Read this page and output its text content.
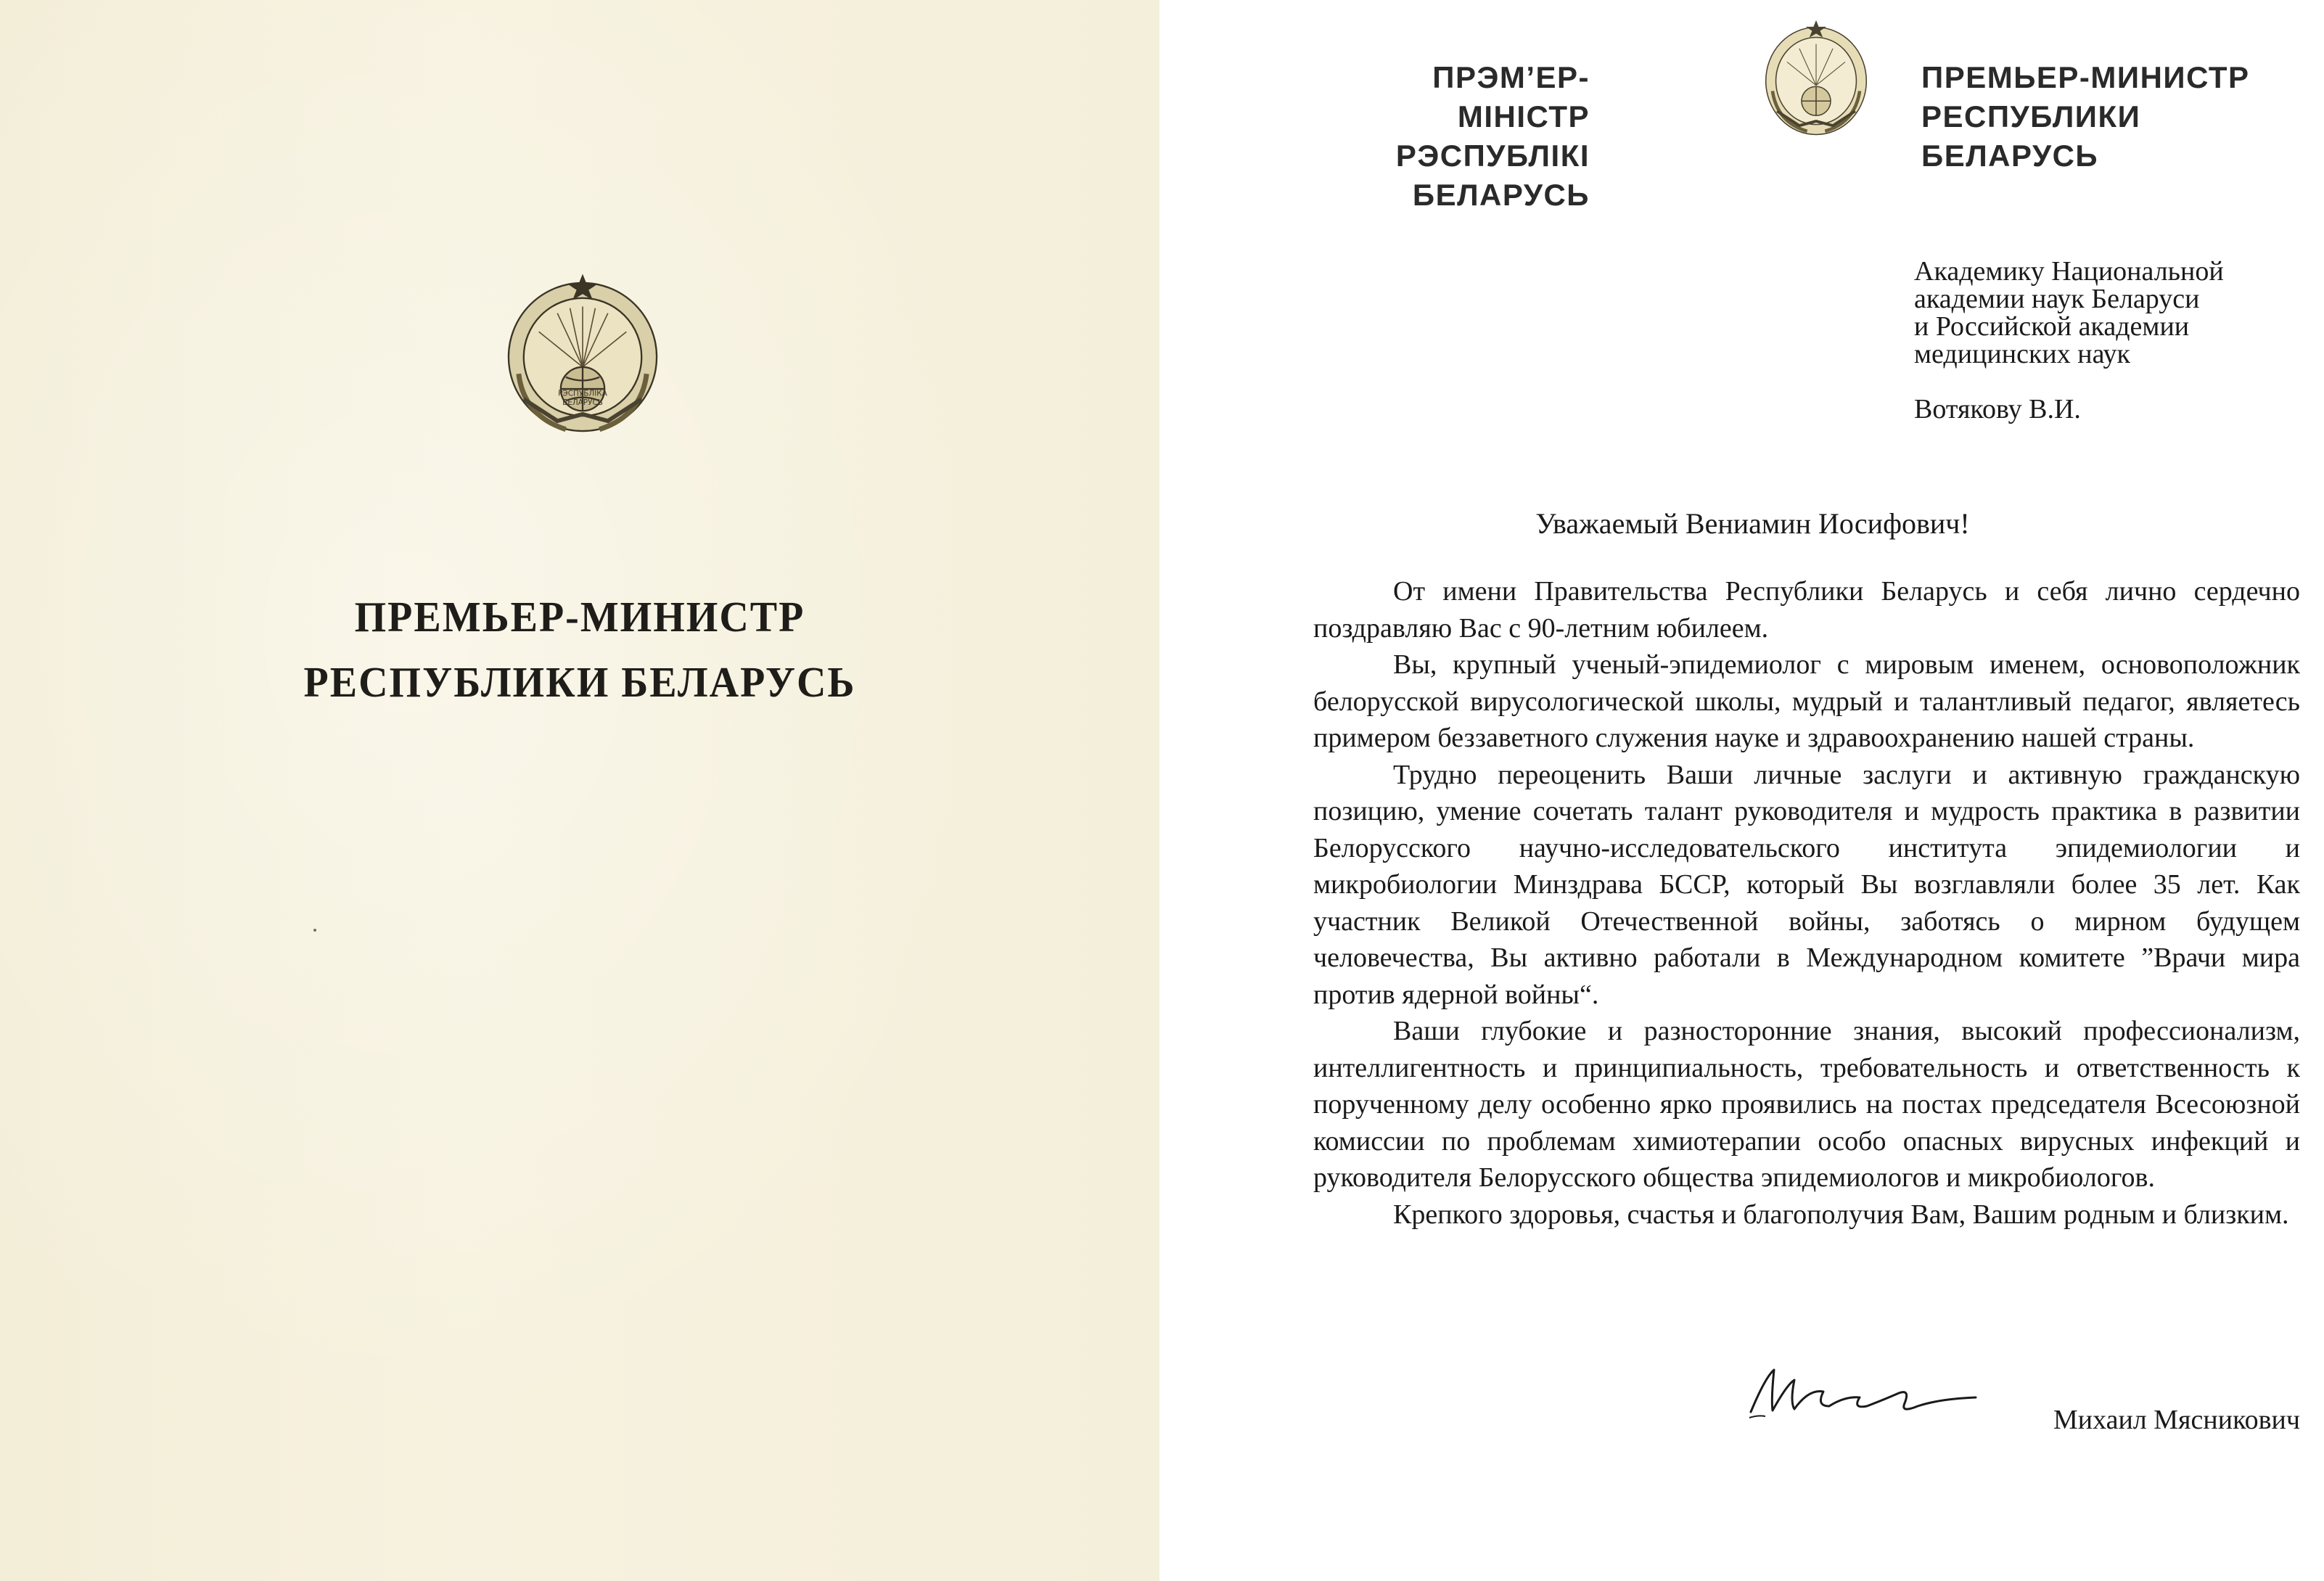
РЭСПУБЛIКА
БЕЛАРУСЬ
ПРЕМЬЕР-МИНИСТР
РЕСПУБЛИКИ БЕЛАРУСЬ
ПРЭМ’ЕР-МІНІСТР
РЭСПУБЛІКІ БЕЛАРУСЬ
ПРЕМЬЕР-МИНИСТР
РЕСПУБЛИКИ БЕЛАРУСЬ
Академику Национальной
академии наук Беларуси
и Российской академии
медицинских наук
Вотякову В.И.
Уважаемый Вениамин Иосифович!

От имени Правительства Республики Беларусь и себя лично сердечно поздравляю Вас с 90-летним юбилеем.

Вы, крупный ученый-эпидемиолог с мировым именем, основоположник белорусской вирусологической школы, мудрый и талантливый педагог, являетесь примером беззаветного служения науке и здравоохранению нашей страны.

Трудно переоценить Ваши личные заслуги и активную гражданскую позицию, умение сочетать талант руководителя и мудрость практика в развитии Белорусского научно-исследовательского института эпидемиологии и микробиологии Минздрава БССР, который Вы возглавляли более 35 лет. Как участник Великой Отечественной войны, заботясь о мирном будущем человечества, Вы активно работали в Международном комитете ”Врачи мира против ядерной войны“.

Ваши глубокие и разносторонние знания, высокий профессионализм, интеллигентность и принципиальность, требовательность и ответственность к порученному делу особенно ярко проявились на постах председателя Всесоюзной комиссии по проблемам химиотерапии особо опасных вирусных инфекций и руководителя Белорусского общества эпидемиологов и микробиологов.

Крепкого здоровья, счастья и благополучия Вам, Вашим родным и близким.

Михаил Мясникович
